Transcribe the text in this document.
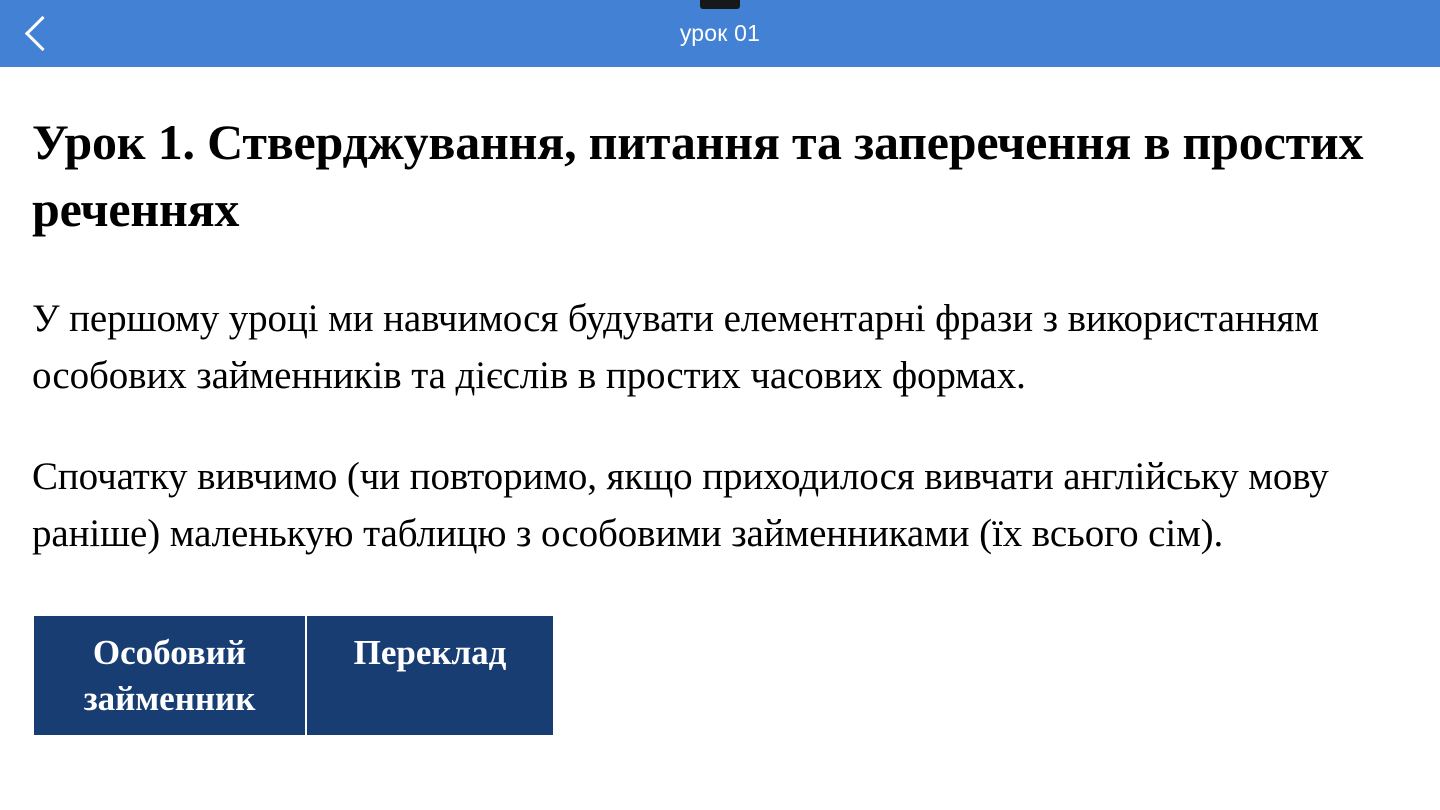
урок 01
Урок 1. Стверджування, питання та заперечення в простих реченнях

У першому уроці ми навчимося будувати елементарні фрази з використанням особових займенників та дієслів в простих часових формах.

Спочатку вивчимо (чи повторимо, якщо приходилося вивчати англійську мову раніше) маленькую таблицю з особовими займенниками (їх всього сім).

Особовий займенник	Переклад
